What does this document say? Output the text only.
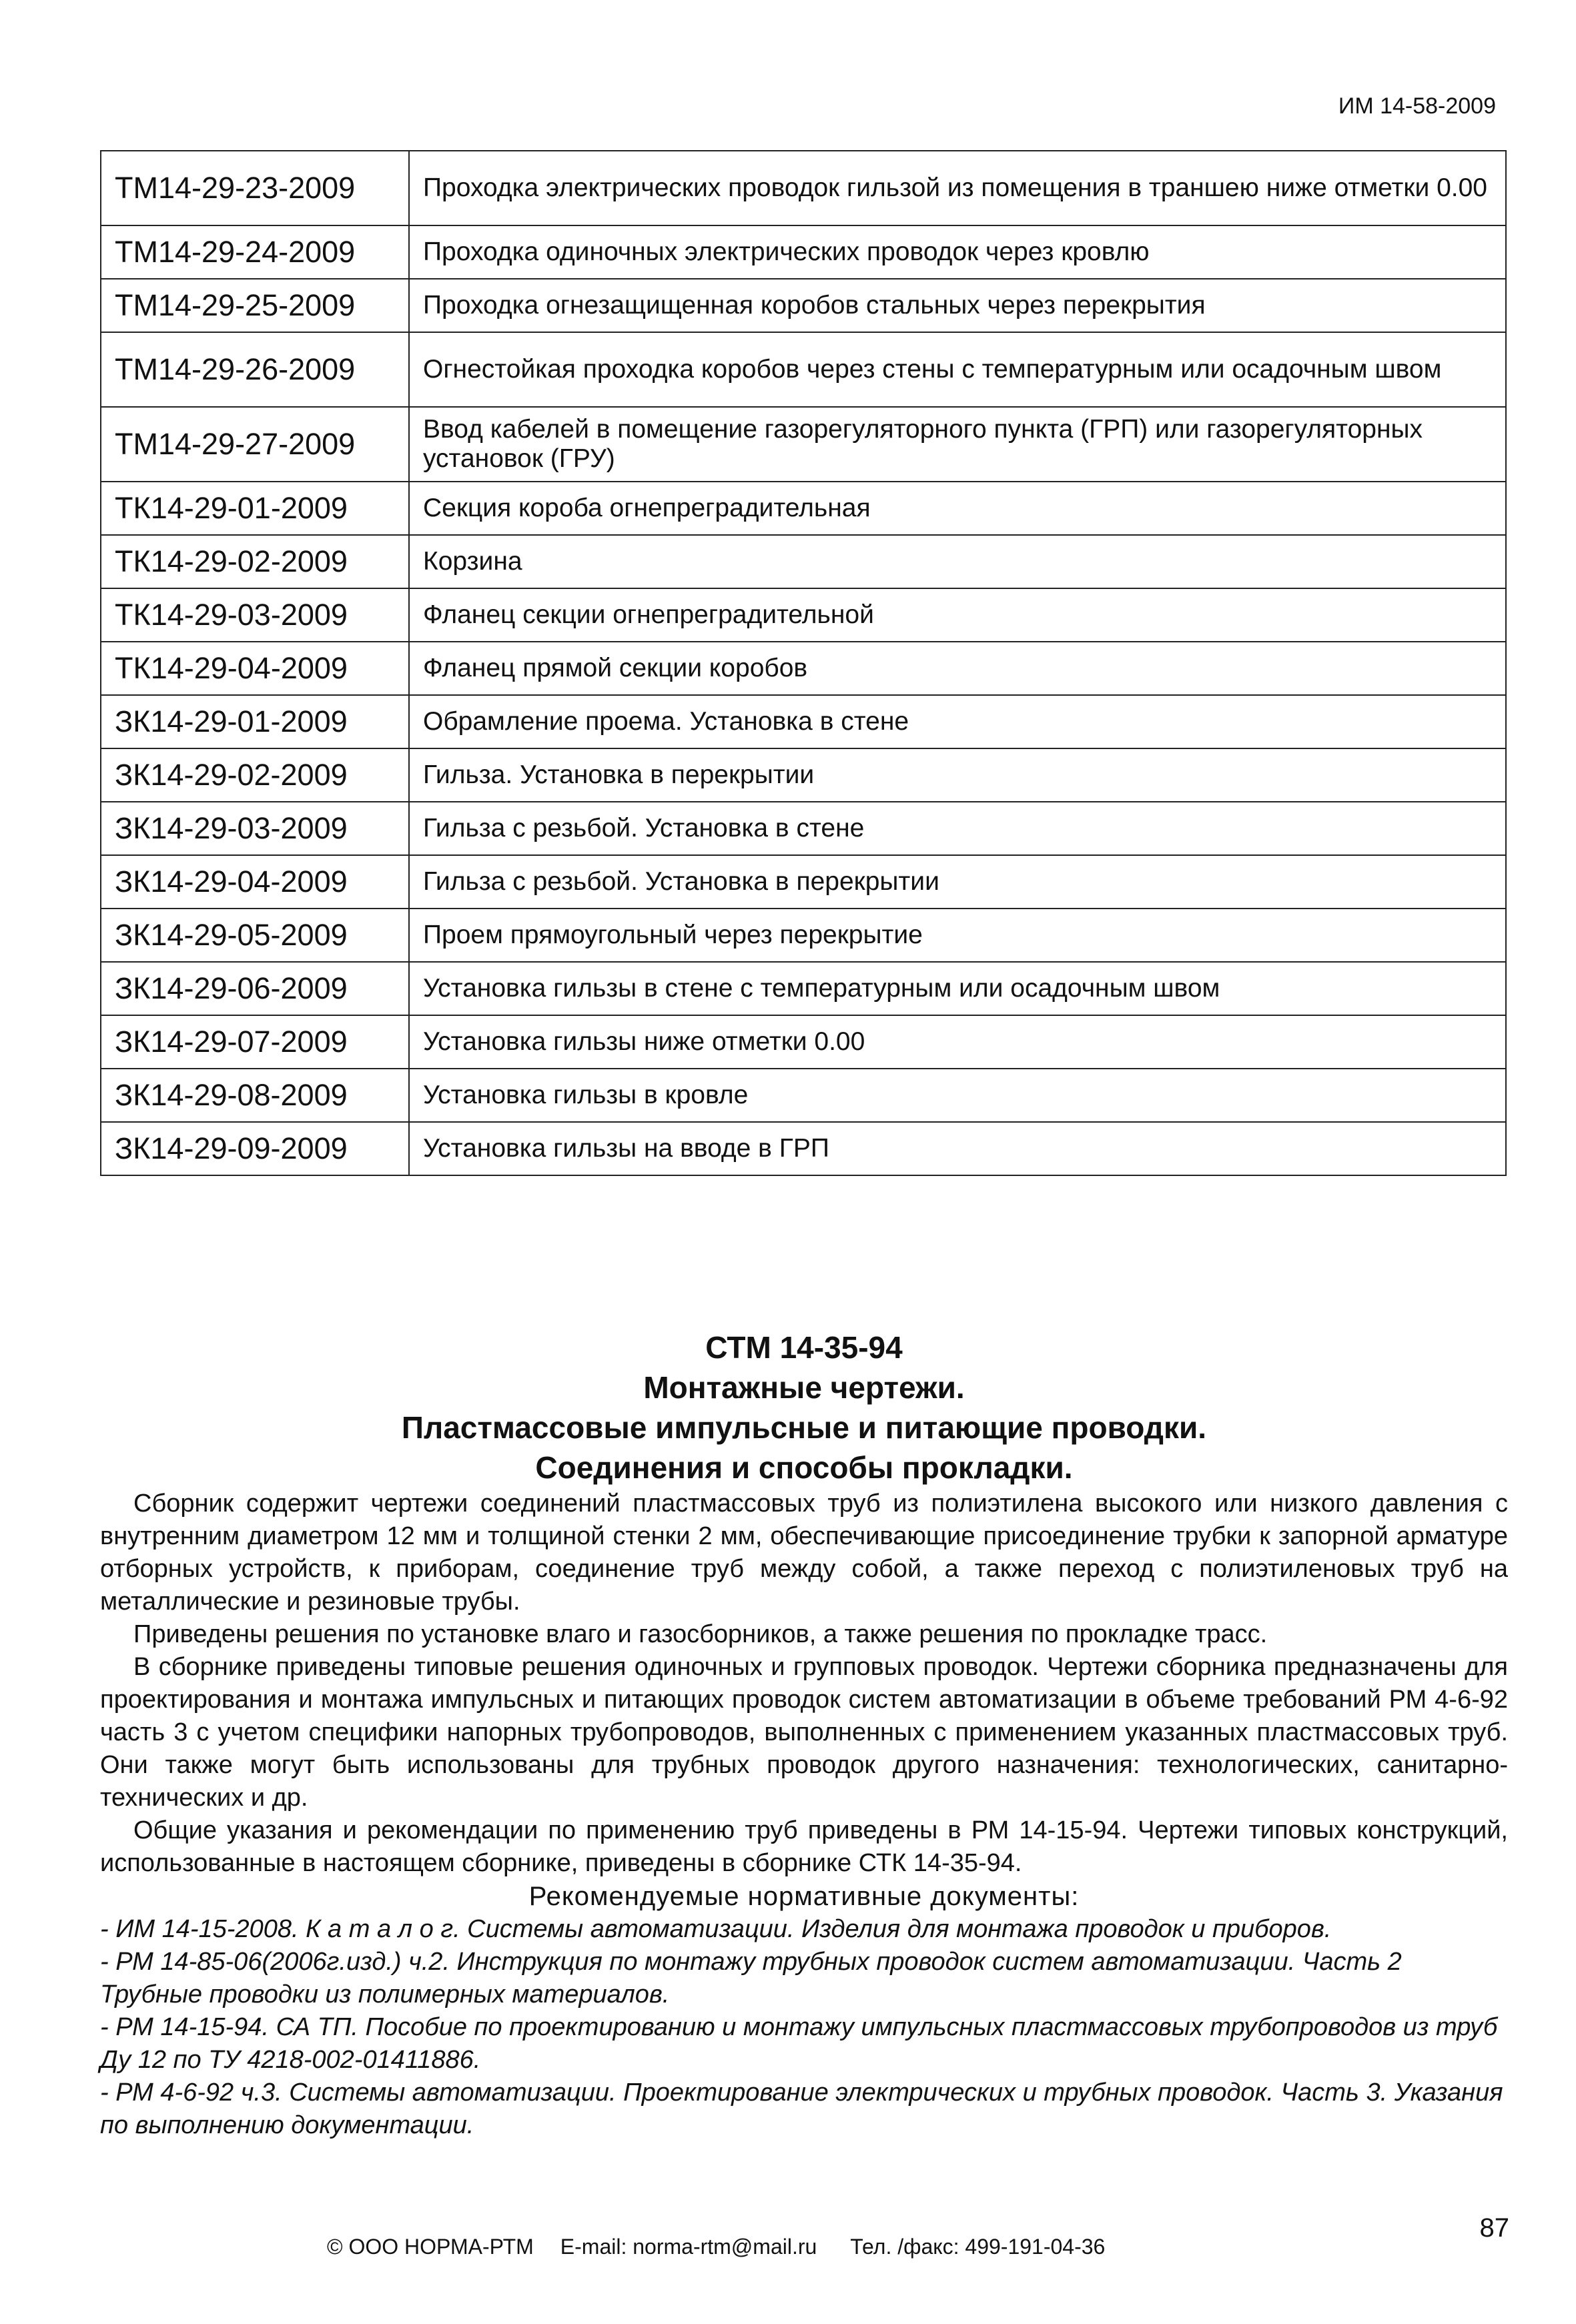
ИМ 14-58-2009
ТМ14-29-23-2009	Проходка электрических проводок гильзой из помещения в траншею ниже отметки 0.00
ТМ14-29-24-2009	Проходка одиночных электрических проводок через кровлю
ТМ14-29-25-2009	Проходка огнезащищенная коробов стальных через перекрытия
ТМ14-29-26-2009	Огнестойкая проходка коробов через стены с температурным или осадочным швом
ТМ14-29-27-2009	Ввод кабелей в помещение газорегуляторного пункта (ГРП) или газорегуляторных установок (ГРУ)
ТК14-29-01-2009	Секция короба огнепреградительная
ТК14-29-02-2009	Корзина
ТК14-29-03-2009	Фланец секции огнепреградительной
ТК14-29-04-2009	Фланец прямой секции коробов
ЗК14-29-01-2009	Обрамление проема. Установка в стене
ЗК14-29-02-2009	Гильза. Установка в перекрытии
ЗК14-29-03-2009	Гильза с резьбой. Установка в стене
ЗК14-29-04-2009	Гильза с резьбой. Установка в перекрытии
ЗК14-29-05-2009	Проем прямоугольный через перекрытие
ЗК14-29-06-2009	Установка гильзы в стене с температурным или осадочным швом
ЗК14-29-07-2009	Установка гильзы ниже отметки 0.00
ЗК14-29-08-2009	Установка гильзы в кровле
ЗК14-29-09-2009	Установка гильзы на вводе в ГРП
СТМ 14-35-94
Монтажные чертежи.
Пластмассовые импульсные и питающие проводки.
Соединения и способы прокладки.

Сборник содержит чертежи соединений пластмассовых труб из полиэтилена высокого или низкого давления с внутренним диаметром 12 мм и толщиной стенки 2 мм, обеспечивающие присоединение трубки к запорной арматуре отборных устройств, к приборам, соединение труб между собой, а также переход с полиэтиленовых труб на металлические и резиновые трубы.

Приведены решения по установке влаго и газосборников, а также решения по прокладке трасс.

В сборнике приведены типовые решения одиночных и групповых проводок. Чертежи сборника предназначены для проектирования и монтажа импульсных и питающих проводок систем автоматизации в объеме требований РМ 4-6-92 часть 3 с учетом специфики напорных трубопроводов, выполненных с применением указанных пластмассовых труб. Они также могут быть использованы для трубных проводок другого назначения: технологических, санитарно-технических и др.

Общие указания и рекомендации по применению труб приведены в РМ 14-15-94. Чертежи типовых конструкций, использованные в настоящем сборнике, приведены в сборнике СТК 14-35-94.

Рекомендуемые нормативные документы:

- ИМ 14-15-2008. К а т а л о г. Системы автоматизации. Изделия для монтажа проводок и приборов.

- РМ 14-85-06(2006г.изд.) ч.2. Инструкция по монтажу трубных проводок систем автоматизации. Часть 2 Трубные проводки из полимерных материалов.

- РМ 14-15-94. СА ТП. Пособие по проектированию и монтажу импульсных пластмассовых трубопроводов из труб Ду 12 по ТУ 4218-002-01411886.

- РМ 4-6-92 ч.3. Системы автоматизации. Проектирование электрических и трубных проводок. Часть 3. Указания по выполнению документации.

© ООО НОРМА-РТМ E-mail: norma-rtm@mail.ru Тел. /факс: 499-191-04-36
87
